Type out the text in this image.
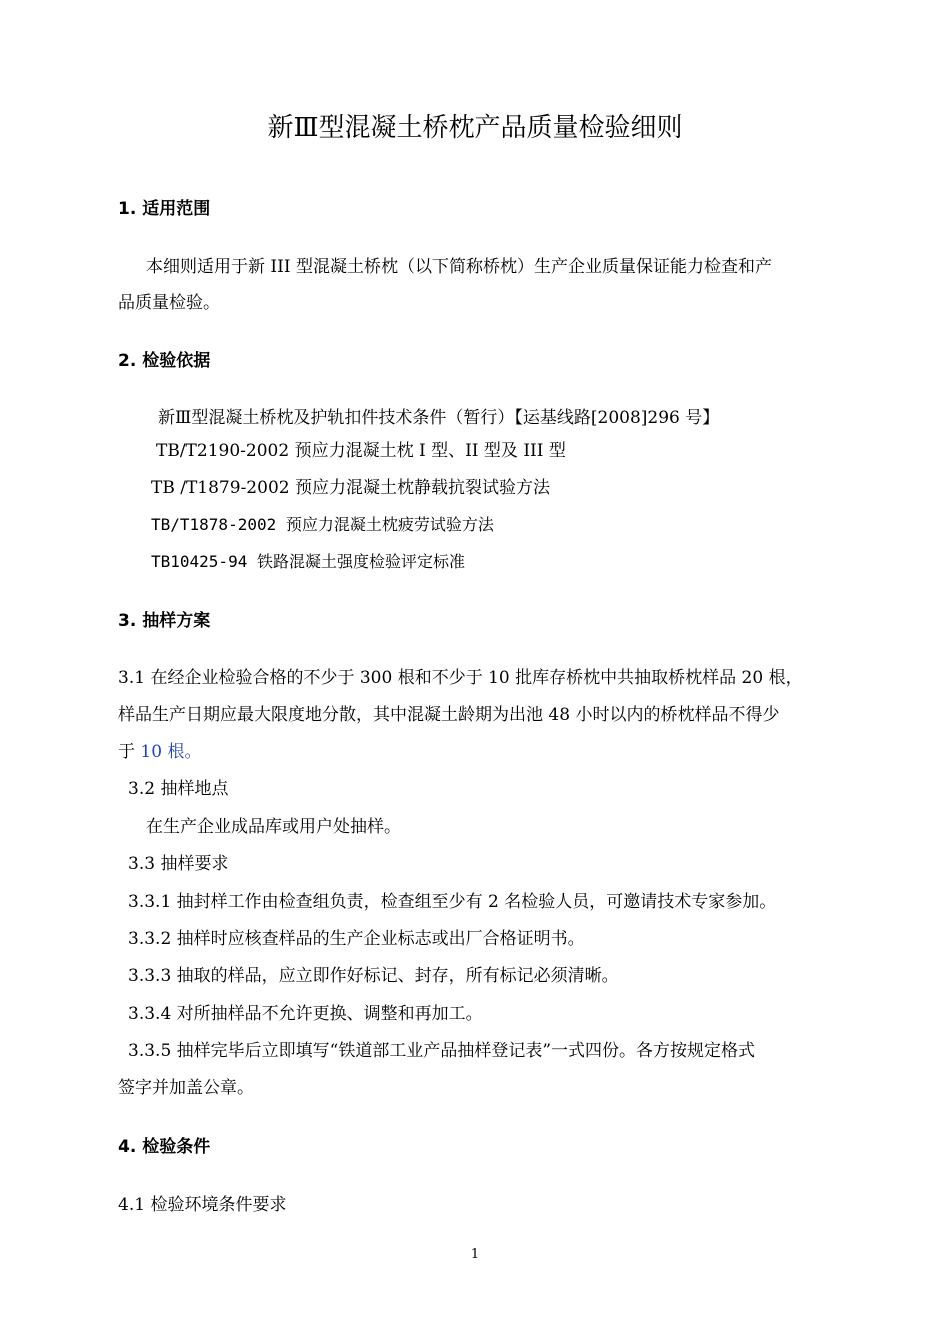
新Ⅲ型混凝土桥枕产品质量检验细则
1. 适用范围
本细则适用于新 III 型混凝土桥枕（以下简称桥枕）生产企业质量保证能力检查和产
品质量检验。
2. 检验依据
新Ⅲ型混凝土桥枕及护轨扣件技术条件（暂行）【运基线路[2008]296 号】
TB/T2190-2002 预应力混凝土枕 I 型、II 型及 III 型
TB /T1879-2002 预应力混凝土枕静载抗裂试验方法
TB/T1878-2002 预应力混凝土枕疲劳试验方法
TB10425-94 铁路混凝土强度检验评定标准
3. 抽样方案
3.1 在经企业检验合格的不少于 300 根和不少于 10 批库存桥枕中共抽取桥枕样品 20 根，
样品生产日期应最大限度地分散，其中混凝土龄期为出池 48 小时以内的桥枕样品不得少
于 10 根。
3.2 抽样地点
在生产企业成品库或用户处抽样。
3.3 抽样要求
3.3.1 抽封样工作由检查组负责，检查组至少有 2 名检验人员，可邀请技术专家参加。
3.3.2 抽样时应核查样品的生产企业标志或出厂合格证明书。
3.3.3 抽取的样品，应立即作好标记、封存，所有标记必须清晰。
3.3.4 对所抽样品不允许更换、调整和再加工。
3.3.5 抽样完毕后立即填写“铁道部工业产品抽样登记表”一式四份。各方按规定格式
签字并加盖公章。
4. 检验条件
4.1 检验环境条件要求
1
